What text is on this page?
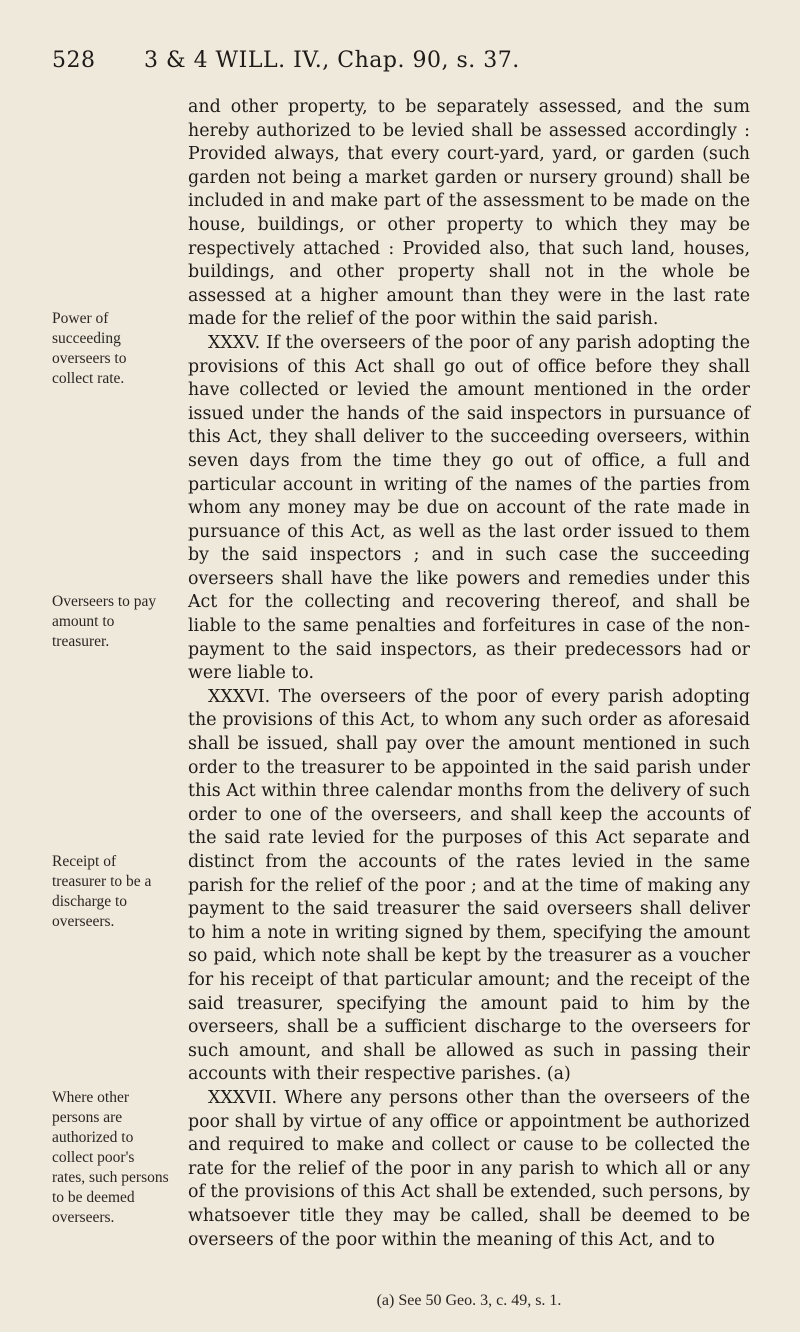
528 3 & 4 WILL. IV., Chap. 90, s. 37.
Power of succeeding overseers to collect rate.
Overseers to pay amount to treasurer.
Receipt of treasurer to be a discharge to overseers.
Where other persons are authorized to collect poor's rates, such persons to be deemed overseers.

and other property, to be separately assessed, and the sum hereby authorized to be levied shall be assessed accordingly : Provided always, that every court-yard, yard, or garden (such garden not being a market garden or nursery ground) shall be included in and make part of the assessment to be made on the house, buildings, or other property to which they may be respectively attached : Provided also, that such land, houses, buildings, and other property shall not in the whole be assessed at a higher amount than they were in the last rate made for the relief of the poor within the said parish.

XXXV. If the overseers of the poor of any parish adopting the provisions of this Act shall go out of office before they shall have collected or levied the amount mentioned in the order issued under the hands of the said inspectors in pursuance of this Act, they shall deliver to the succeeding overseers, within seven days from the time they go out of office, a full and particular account in writing of the names of the parties from whom any money may be due on account of the rate made in pursuance of this Act, as well as the last order issued to them by the said inspectors ; and in such case the succeeding overseers shall have the like powers and remedies under this Act for the collecting and recovering thereof, and shall be liable to the same penalties and forfeitures in case of the non-payment to the said inspectors, as their predecessors had or were liable to.

XXXVI. The overseers of the poor of every parish adopting the provisions of this Act, to whom any such order as aforesaid shall be issued, shall pay over the amount mentioned in such order to the treasurer to be appointed in the said parish under this Act within three calendar months from the delivery of such order to one of the overseers, and shall keep the accounts of the said rate levied for the purposes of this Act separate and distinct from the accounts of the rates levied in the same parish for the relief of the poor ; and at the time of making any payment to the said treasurer the said overseers shall deliver to him a note in writing signed by them, specifying the amount so paid, which note shall be kept by the treasurer as a voucher for his receipt of that particular amount; and the receipt of the said treasurer, specifying the amount paid to him by the overseers, shall be a sufficient discharge to the overseers for such amount, and shall be allowed as such in passing their accounts with their respective parishes. (a)

XXXVII. Where any persons other than the overseers of the poor shall by virtue of any office or appointment be authorized and required to make and collect or cause to be collected the rate for the relief of the poor in any parish to which all or any of the provisions of this Act shall be extended, such persons, by whatsoever title they may be called, shall be deemed to be overseers of the poor within the meaning of this Act, and to

(a) See 50 Geo. 3, c. 49, s. 1.
